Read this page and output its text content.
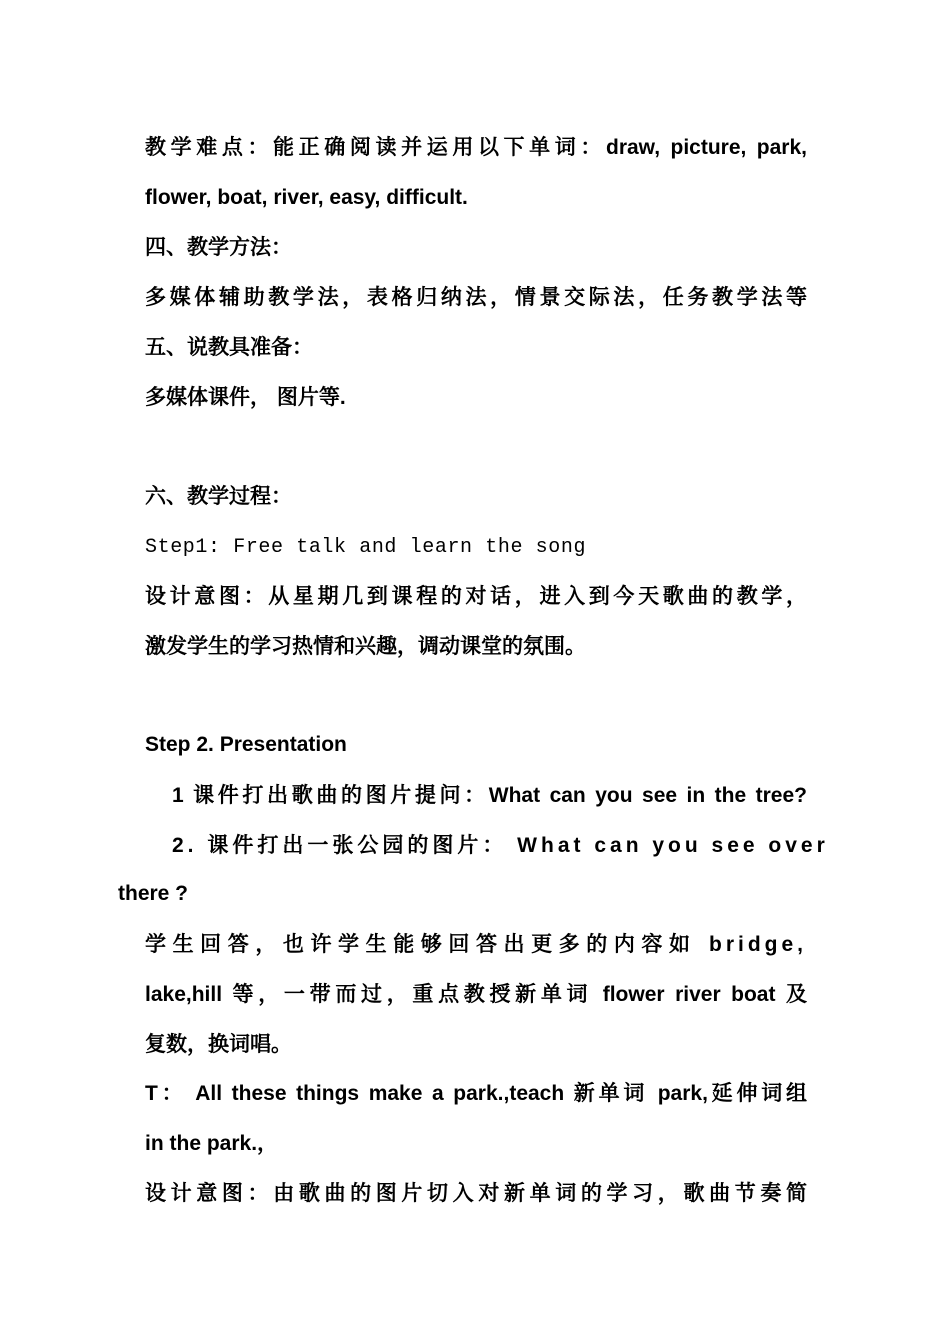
教学难点：能正确阅读并运用以下单词：draw, picture, park,
flower, boat, river, easy, difficult.
四、教学方法：
多媒体辅助教学法，表格归纳法，情景交际法，任务教学法等
五、说教具准备：
多媒体课件， 图片等.
六、教学过程：
Step1: Free talk and learn the song
设计意图：从星期几到课程的对话，进入到今天歌曲的教学，
激发学生的学习热情和兴趣，调动课堂的氛围。
Step 2. Presentation
1 课件打出歌曲的图片提问：What can you see in the tree?
2. 课件打出一张公园的图片： What can you see over
there ?
学生回答，也许学生能够回答出更多的内容如 bridge,
lake,hill 等，一带而过，重点教授新单词 flower river boat 及
复数，换词唱。
T： All these things make a park.,teach 新单词 park,延伸词组
in the park.，
设计意图：由歌曲的图片切入对新单词的学习，歌曲节奏简
